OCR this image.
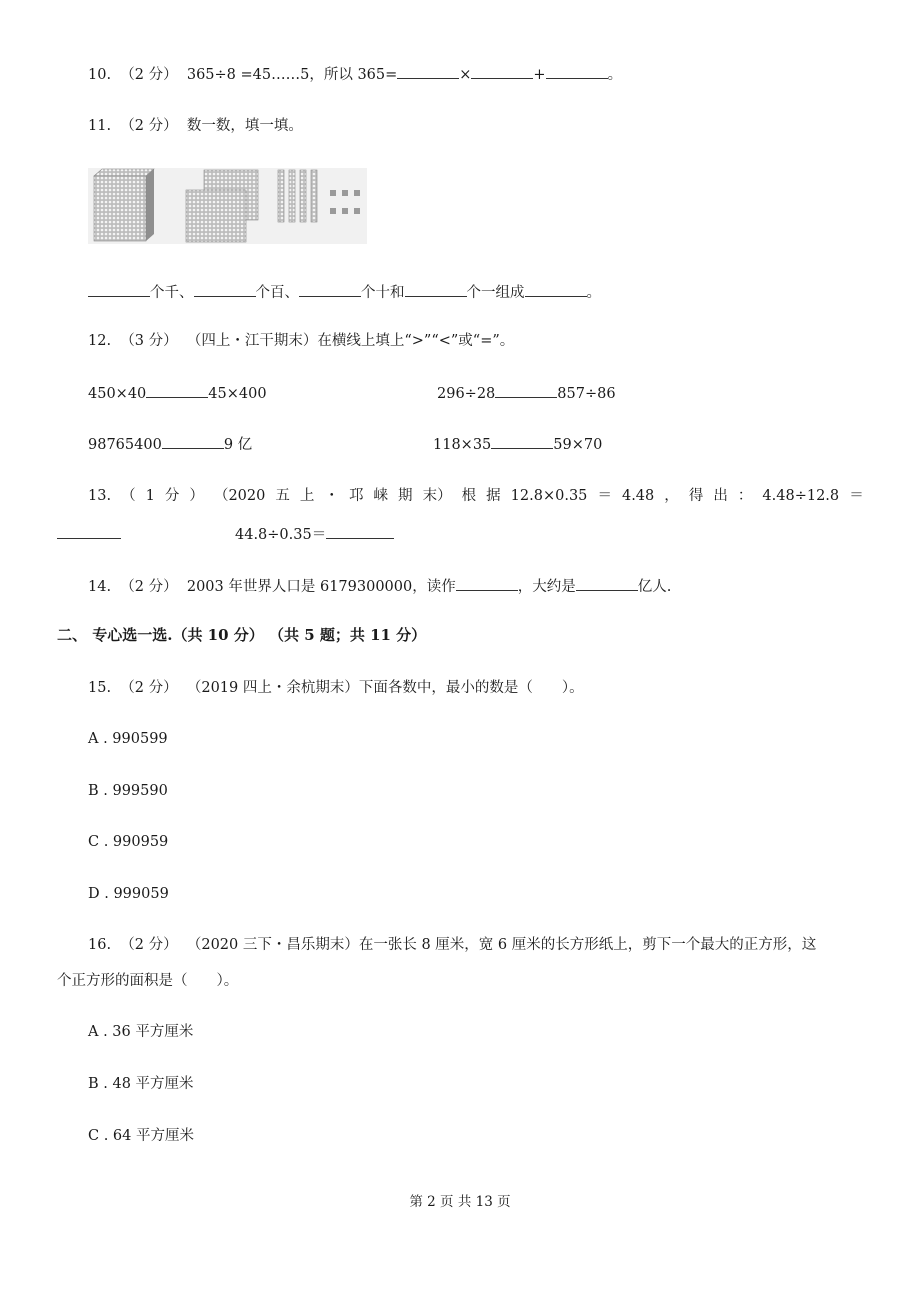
10. （2 分） 365÷8 =45……5，所以 365=	×	+	。
11. （2 分） 数一数，填一填。
个千、	个百、	个十和	个一组成	。
12. （3 分） （四上・江干期末）在横线上填上“>”“<”或“=”。
450×40	45×400	296÷28	857÷86
98765400	9 亿	118×35	59×70
13. （ 1 分 ） （2020 五 上 ・ 邛 崃 期 末） 根 据 12.8×0.35 ＝ 4.48 ， 得 出 ： 4.48÷12.8 ＝
44.8÷0.35＝
14. （2 分） 2003 年世界人口是 6179300000，读作	，大约是	亿人.
二、 专心选一选.（共 10 分） （共 5 题；共 11 分）
15. （2 分） （2019 四上・余杭期末）下面各数中，最小的数是（　　）。
A . 990599
B . 999590
C . 990959
D . 999059
16. （2 分） （2020 三下・昌乐期末）在一张长 8 厘米，宽 6 厘米的长方形纸上，剪下一个最大的正方形，这
个正方形的面积是（　　）。
A . 36 平方厘米
B . 48 平方厘米
C . 64 平方厘米
第 2 页 共 13 页
